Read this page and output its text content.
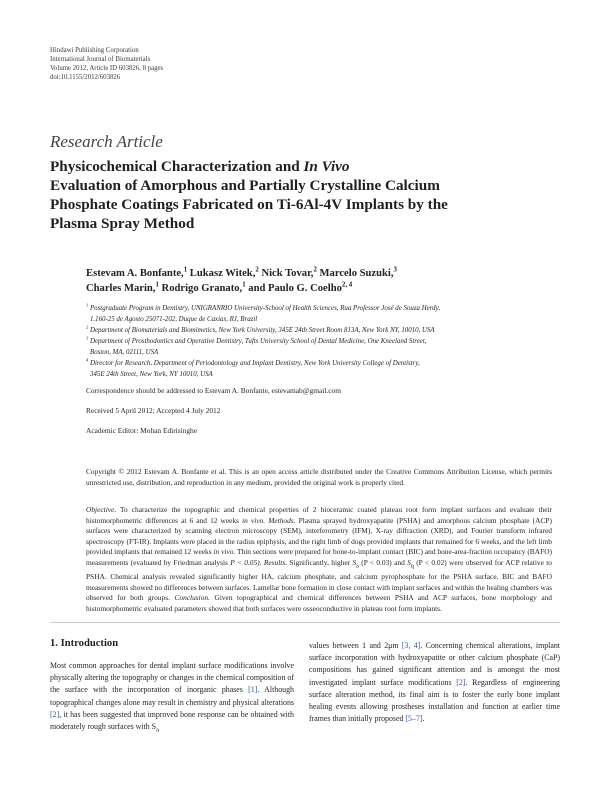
Hindawi Publishing Corporation
International Journal of Biomaterials
Volume 2012, Article ID 603826, 8 pages
doi:10.1155/2012/603826
Research Article
Physicochemical Characterization and In Vivo
Evaluation of Amorphous and Partially Crystalline Calcium
Phosphate Coatings Fabricated on Ti-6Al-4V Implants by the
Plasma Spray Method
Estevam A. Bonfante,$^1$ Lukasz Witek,$^2$ Nick Tovar,$^2$ Marcelo Suzuki,$^3$
Charles Marin,$^1$ Rodrigo Granato,$^1$ and Paulo G. Coelho$^{2, 4}$
$^1$ Postgraduate Program in Dentistry, UNIGRANRIO University-School of Health Sciences, Rua Professor José de Souza Herdy,
1.160-25 de Agosto 25071-202, Duque de Caxias, RJ, Brazil
$^2$ Department of Biomaterials and Biomimetics, New York University, 345E 24th Street Room 813A, New York NY, 10010, USA
$^3$ Department of Prosthodontics and Operative Dentistry, Tufts University School of Dental Medicine, One Kneeland Street,
Boston, MA, 02111, USA
$^4$ Director for Research, Department of Periodontology and Implant Dentistry, New York University College of Dentistry,
345E 24th Street, New York, NY 10010, USA
Correspondence should be addressed to Estevam A. Bonfante, estevamab@gmail.com
Received 5 April 2012; Accepted 4 July 2012
Academic Editor: Mohan Edirisinghe
Copyright © 2012 Estevam A. Bonfante et al. This is an open access article distributed under the Creative Commons Attribution License, which permits unrestricted use, distribution, and reproduction in any medium, provided the original work is properly cited.
Objective. To characterize the topographic and chemical properties of 2 bioceramic coated plateau root form implant surfaces and evaluate their histomorphometric differences at 6 and 12 weeks in vivo. Methods. Plasma sprayed hydroxyapatite (PSHA) and amorphous calcium phosphate (ACP) surfaces were characterized by scanning electron microscopy (SEM), interferometry (IFM), X-ray diffraction (XRD), and Fourier transform infrared spectroscopy (FT-IR). Implants were placed in the radius epiphysis, and the right limb of dogs provided implants that remained for 6 weeks, and the left limb provided implants that remained 12 weeks in vivo. Thin sections were prepared for bone-to-implant contact (BIC) and bone-area-fraction occupancy (BAFO) measurements (evaluated by Friedman analysis P < 0.05). Results. Significantly, higher $S_a$ (P < 0.03) and $S_q$ (P < 0.02) were observed for ACP relative to PSHA. Chemical analysis revealed significantly higher HA, calcium phosphate, and calcium pyrophosphate for the PSHA surface. BIC and BAFO measurements showed no differences between surfaces. Lamellar bone formation in close contact with implant surfaces and within the healing chambers was observed for both groups. Conclusion. Given topographical and chemical differences between PSHA and ACP surfaces, bone morphology and histomorphometric evaluated parameters showed that both surfaces were osseoconductive in plateau root form implants.
1. Introduction
Most common approaches for dental implant surface modifications involve physically altering the topography or changes in the chemical composition of the surface with the incorporation of inorganic phases [1]. Although topographical changes alone may result in chemistry and physical alterations [2], it has been suggested that improved bone response can be obtained with moderately rough surfaces with $S_a$
values between 1 and 2μm [3, 4]. Concerning chemical alterations, implant surface incorporation with hydroxyapatite or other calcium phosphate (CaP) compositions has gained significant attention and is amongst the most investigated implant surface modifications [2]. Regardless of engineering surface alteration method, its final aim is to foster the early bone implant healing events allowing prostheses installation and function at earlier time frames than initially proposed [5–7].
